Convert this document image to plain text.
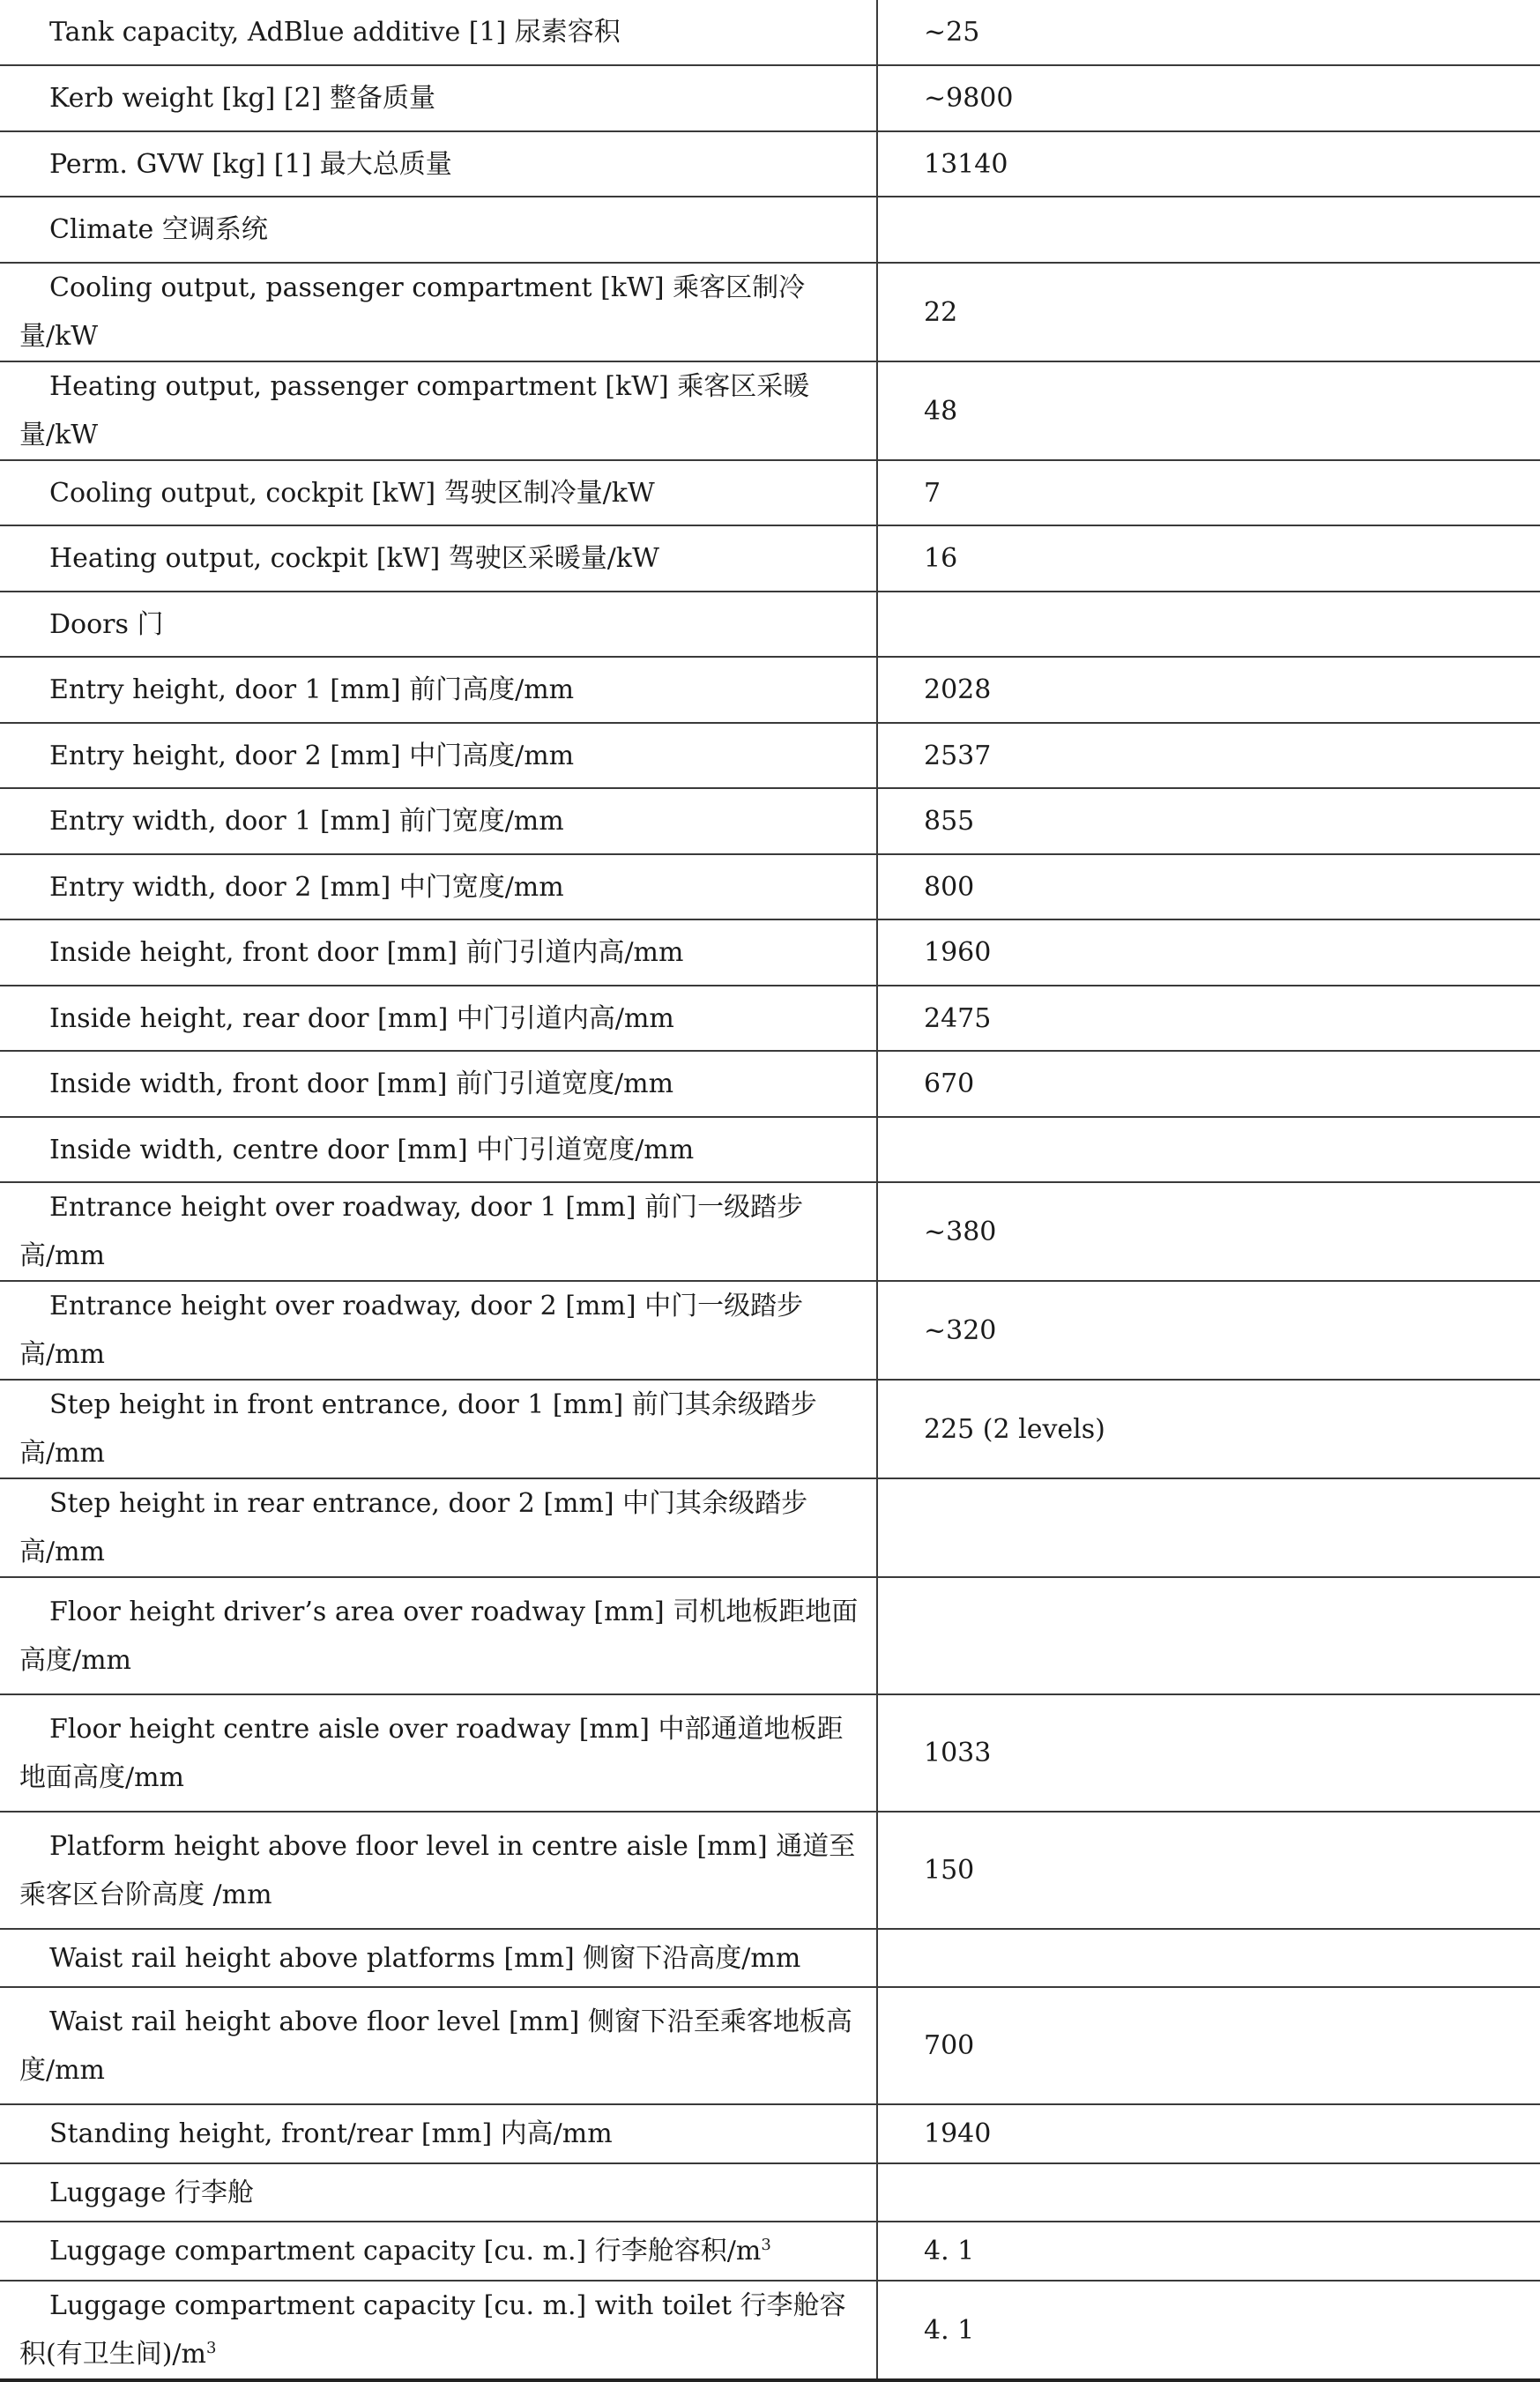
Tank capacity, AdBlue additive [1] 尿素容积	~25
Kerb weight [kg] [2] 整备质量	~9800
Perm. GVW [kg] [1] 最大总质量	13140
Climate 空调系统	
Cooling output, passenger compartment [kW] 乘客区制冷量/kW	22
Heating output, passenger compartment [kW] 乘客区采暖量/kW	48
Cooling output, cockpit [kW] 驾驶区制冷量/kW	7
Heating output, cockpit [kW] 驾驶区采暖量/kW	16
Doors 门	
Entry height, door 1 [mm] 前门高度/mm	2028
Entry height, door 2 [mm] 中门高度/mm	2537
Entry width, door 1 [mm] 前门宽度/mm	855
Entry width, door 2 [mm] 中门宽度/mm	800
Inside height, front door [mm] 前门引道内高/mm	1960
Inside height, rear door [mm] 中门引道内高/mm	2475
Inside width, front door [mm] 前门引道宽度/mm	670
Inside width, centre door [mm] 中门引道宽度/mm	
Entrance height over roadway, door 1 [mm] 前门一级踏步高/mm	~380
Entrance height over roadway, door 2 [mm] 中门一级踏步高/mm	~320
Step height in front entrance, door 1 [mm] 前门其余级踏步高/mm	225 (2 levels)
Step height in rear entrance, door 2 [mm] 中门其余级踏步高/mm	
Floor height driver’s area over roadway [mm] 司机地板距地面高度/mm	
Floor height centre aisle over roadway [mm] 中部通道地板距地面高度/mm	1033
Platform height above floor level in centre aisle [mm] 通道至乘客区台阶高度 /mm	150
Waist rail height above platforms [mm] 侧窗下沿高度/mm	
Waist rail height above floor level [mm] 侧窗下沿至乘客地板高度/mm	700
Standing height, front/rear [mm] 内高/mm	1940
Luggage 行李舱	
Luggage compartment capacity [cu. m.] 行李舱容积$/m^3$	4. 1
Luggage compartment capacity [cu. m.] with toilet 行李舱容积(有卫生间)$/m^3$	4. 1
